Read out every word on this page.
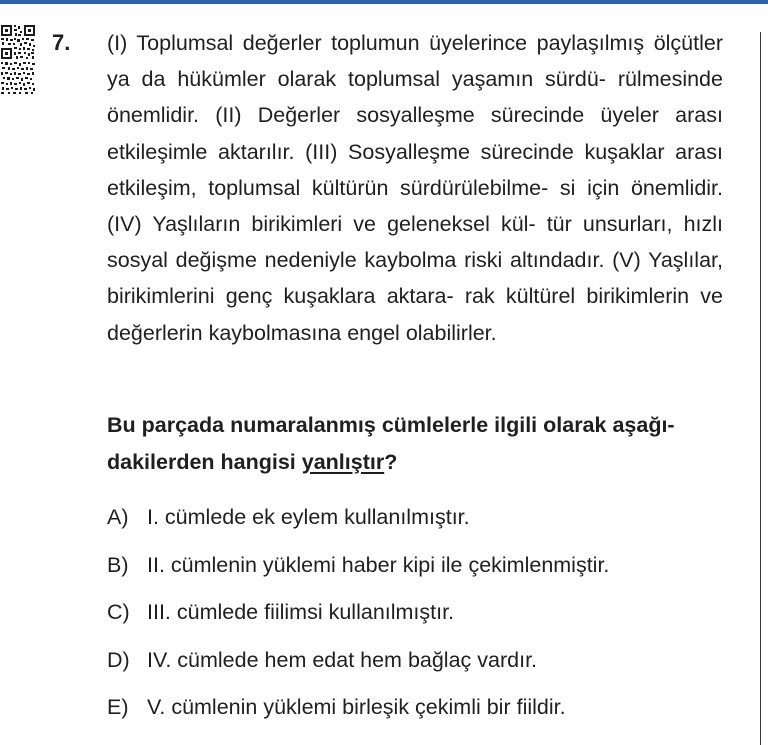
7. (I) Toplumsal değerler toplumun üyelerince paylaşılmış ölçütler ya da hükümler olarak toplumsal yaşamın sürdü- rülmesinde önemlidir. (II) Değerler sosyalleşme sürecinde üyeler arası etkileşimle aktarılır. (III) Sosyalleşme sürecinde kuşaklar arası etkileşim, toplumsal kültürün sürdürülebilme- si için önemlidir. (IV) Yaşlıların birikimleri ve geleneksel kül- tür unsurları, hızlı sosyal değişme nedeniyle kaybolma riski altındadır. (V) Yaşlılar, birikimlerini genç kuşaklara aktara- rak kültürel birikimlerin ve değerlerin kaybolmasına engel olabilirler.

Bu parçada numaralanmış cümlelerle ilgili olarak aşağı-
dakilerden hangisi yanlıştır?

A) I. cümlede ek eylem kullanılmıştır.
B) II. cümlenin yüklemi haber kipi ile çekimlenmiştir.
C) III. cümlede fiilimsi kullanılmıştır.
D) IV. cümlede hem edat hem bağlaç vardır.
E) V. cümlenin yüklemi birleşik çekimli bir fiildir.
